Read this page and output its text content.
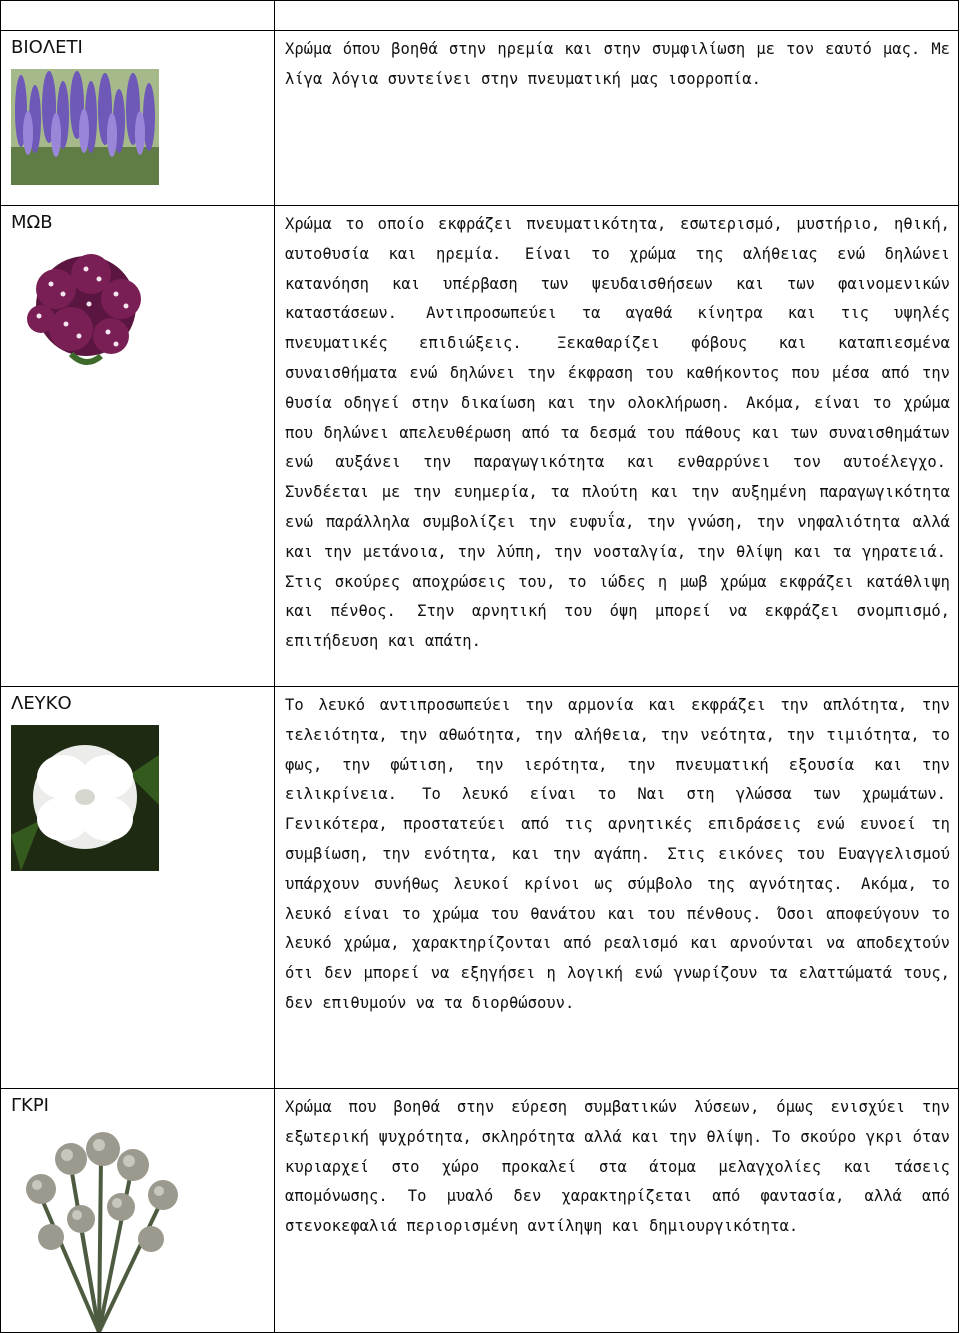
ΒΙΟΛΕΤΙ	Χρώμα όπου βοηθά στην ηρεμία και στην συμφιλίωση με τον εαυτό μας. Με λίγα λόγια συντείνει στην πνευματική μας ισορροπία.

ΜΩΒ	Χρώμα το οποίο εκφράζει πνευματικότητα, εσωτερισμό, μυστήριο, ηθική, αυτοθυσία και ηρεμία. Είναι το χρώμα της αλήθειας ενώ δηλώνει κατανόηση και υπέρβαση των ψευδαισθήσεων και των φαινομενικών καταστάσεων. Αντιπροσωπεύει τα αγαθά κίνητρα και τις υψηλές πνευματικές επιδιώξεις. Ξεκαθαρίζει φόβους και καταπιεσμένα συναισθήματα ενώ δηλώνει την έκφραση του καθήκοντος που μέσα από την θυσία οδηγεί στην δικαίωση και την ολοκλήρωση. Ακόμα, είναι το χρώμα που δηλώνει απελευθέρωση από τα δεσμά του πάθους και των συναισθημάτων ενώ αυξάνει την παραγωγικότητα και ενθαρρύνει τον αυτοέλεγχο. Συνδέεται με την ευημερία, τα πλούτη και την αυξημένη παραγωγικότητα ενώ παράλληλα συμβολίζει την ευφυΐα, την γνώση, την νηφαλιότητα αλλά και την μετάνοια, την λύπη, την νοσταλγία, την θλίψη και τα γηρατειά. Στις σκούρες αποχρώσεις του, το ιώδες η μωβ χρώμα εκφράζει κατάθλιψη και πένθος. Στην αρνητική του όψη μπορεί να εκφράζει σνομπισμό, επιτήδευση και απάτη.

ΛΕΥΚΟ	Το λευκό αντιπροσωπεύει την αρμονία και εκφράζει την απλότητα, την τελειότητα, την αθωότητα, την αλήθεια, την νεότητα, την τιμιότητα, το φως, την φώτιση, την ιερότητα, την πνευματική εξουσία και την ειλικρίνεια. Το λευκό είναι το Ναι στη γλώσσα των χρωμάτων. Γενικότερα, προστατεύει από τις αρνητικές επιδράσεις ενώ ευνοεί τη συμβίωση, την ενότητα, και την αγάπη. Στις εικόνες του Ευαγγελισμού υπάρχουν συνήθως λευκοί κρίνοι ως σύμβολο της αγνότητας. Ακόμα, το λευκό είναι το χρώμα του θανάτου και του πένθους. Όσοι αποφεύγουν το λευκό χρώμα, χαρακτηρίζονται από ρεαλισμό και αρνούνται να αποδεχτούν ότι δεν μπορεί να εξηγήσει η λογική ενώ γνωρίζουν τα ελαττώματά τους, δεν επιθυμούν να τα διορθώσουν.

ΓΚΡΙ	Χρώμα που βοηθά στην εύρεση συμβατικών λύσεων, όμως ενισχύει την εξωτερική ψυχρότητα, σκληρότητα αλλά και την θλίψη. Το σκούρο γκρι όταν κυριαρχεί στο χώρο προκαλεί στα άτομα μελαγχολίες και τάσεις απομόνωσης. Το μυαλό δεν χαρακτηρίζεται από φαντασία, αλλά από στενοκεφαλιά περιορισμένη αντίληψη και δημιουργικότητα.
